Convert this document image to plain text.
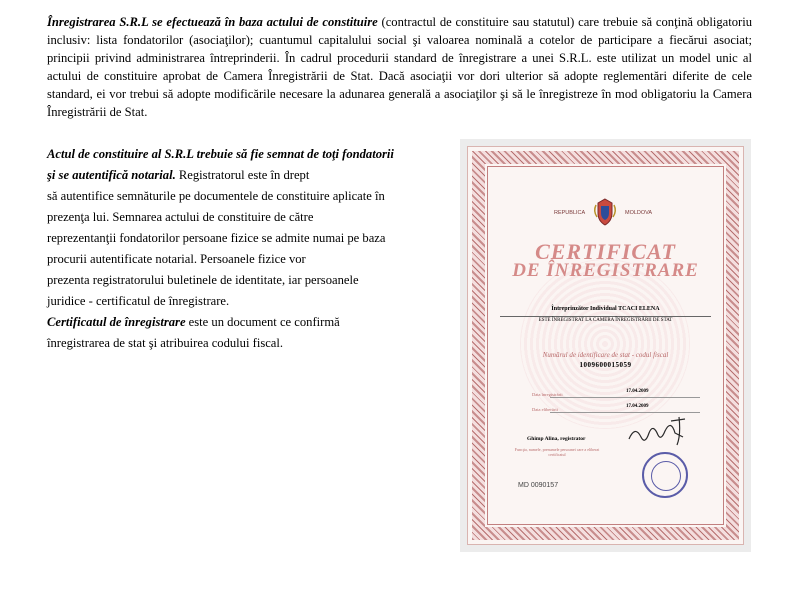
Înregistrarea S.R.L se efectuează în baza actului de constituire (contractul de constituire sau statutul) care trebuie să conţină obligatoriu inclusiv: lista fondatorilor (asociaţilor); cuantumul capitalului social şi valoarea nominală a cotelor de participare a fiecărui asociat; principii privind administrarea întreprinderii. În cadrul procedurii standard de înregistrare a unei S.R.L. este utilizat un model unic al actului de constituire aprobat de Camera Înregistrării de Stat. Dacă asociaţii vor dori ulterior să adopte reglementări diferite de cele standard, ei vor trebui să adopte modificările necesare la adunarea generală a asociaţilor şi să le înregistreze în mod obligatoriu la Camera Înregistrării de Stat.
Actul de constituire al S.R.L trebuie să fie semnat de toţi fondatorii
şi se autentifică notarial. Registratorul este în drept
să autentifice semnăturile pe documentele de constituire aplicate în
prezenţa lui. Semnarea actului de constituire de către
reprezentanţii fondatorilor persoane fizice se admite numai pe baza
procurii autentificate notarial. Persoanele fizice vor
prezenta registratorului buletinele de identitate, iar persoanele
juridice - certificatul de înregistrare.
Certificatul de înregistrare este un document ce confirmă
înregistrarea de stat şi atribuirea codului fiscal.
REPUBLICA	MOLDOVA
CERTIFICAT
DE ÎNREGISTRARE
Întreprinzător Individual TCACI ELENA
ESTE ÎNREGISTRAT LA CAMERA ÎNREGISTRĂRII DE STAT
Numărul de identificare de stat - codul fiscal
1009600015059
Data înregistrării
17.04.2009
Data eliberării
17.04.2009
Ghimp Alina, registrator
Funcţia, numele, prenumele persoanei care a eliberat certificatul
MD 0090157
